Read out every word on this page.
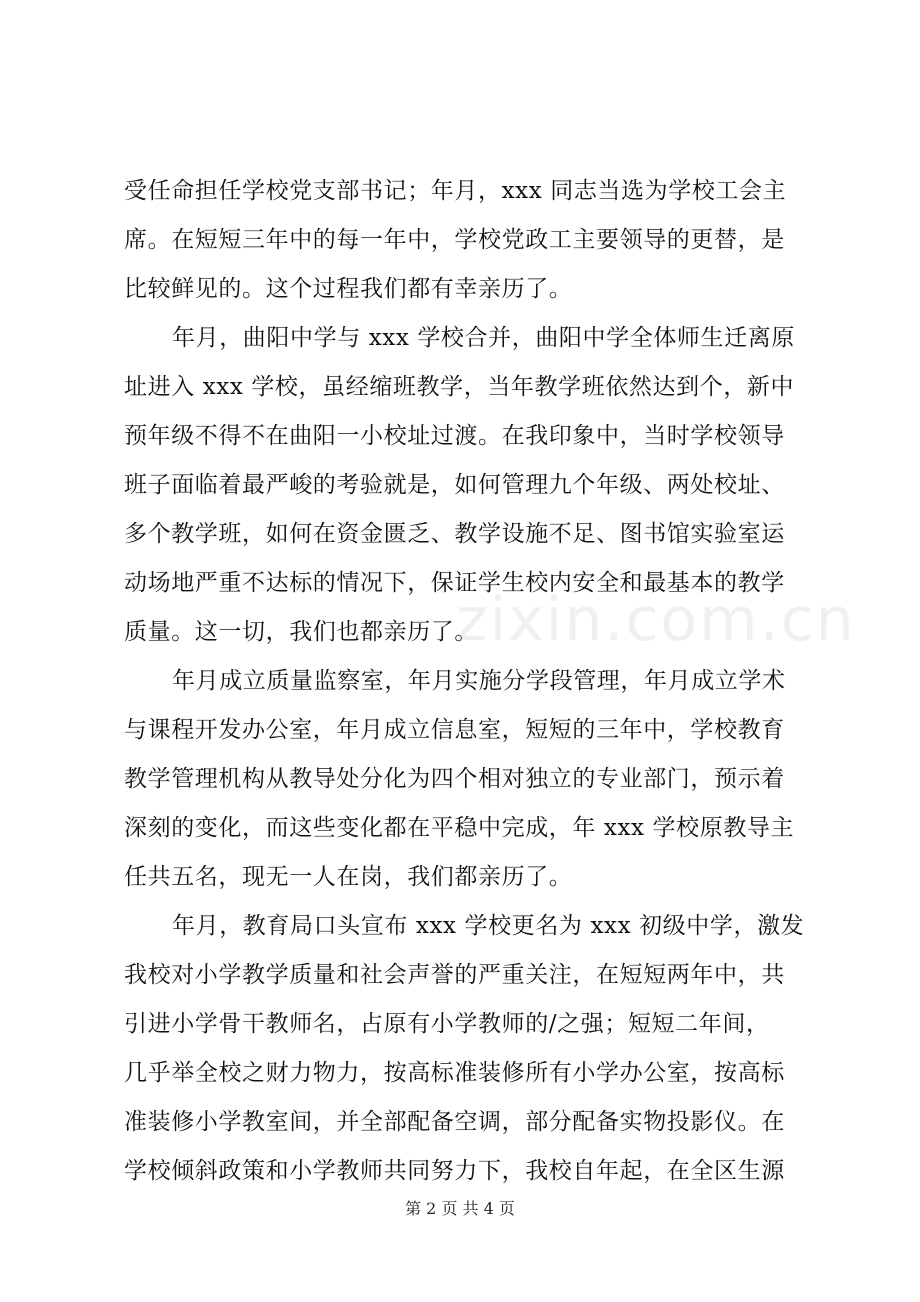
受任命担任学校党支部书记；年月，xxx 同志当选为学校工会主
席。在短短三年中的每一年中，学校党政工主要领导的更替，是
比较鲜见的。这个过程我们都有幸亲历了。
年月，曲阳中学与 xxx 学校合并，曲阳中学全体师生迁离原
址进入 xxx 学校，虽经缩班教学，当年教学班依然达到个，新中
预年级不得不在曲阳一小校址过渡。在我印象中，当时学校领导
班子面临着最严峻的考验就是，如何管理九个年级、两处校址、
多个教学班，如何在资金匮乏、教学设施不足、图书馆实验室运
动场地严重不达标的情况下，保证学生校内安全和最基本的教学
质量。这一切，我们也都亲历了。
年月成立质量监察室，年月实施分学段管理，年月成立学术
与课程开发办公室，年月成立信息室，短短的三年中，学校教育
教学管理机构从教导处分化为四个相对独立的专业部门，预示着
深刻的变化，而这些变化都在平稳中完成，年 xxx 学校原教导主
任共五名，现无一人在岗，我们都亲历了。
年月，教育局口头宣布 xxx 学校更名为 xxx 初级中学，激发
我校对小学教学质量和社会声誉的严重关注，在短短两年中，共
引进小学骨干教师名，占原有小学教师的/之强；短短二年间，
几乎举全校之财力物力，按高标准装修所有小学办公室，按高标
准装修小学教室间，并全部配备空调，部分配备实物投影仪。在
学校倾斜政策和小学教师共同努力下，我校自年起，在全区生源
zixin.com.cn
第 2 页 共 4 页
